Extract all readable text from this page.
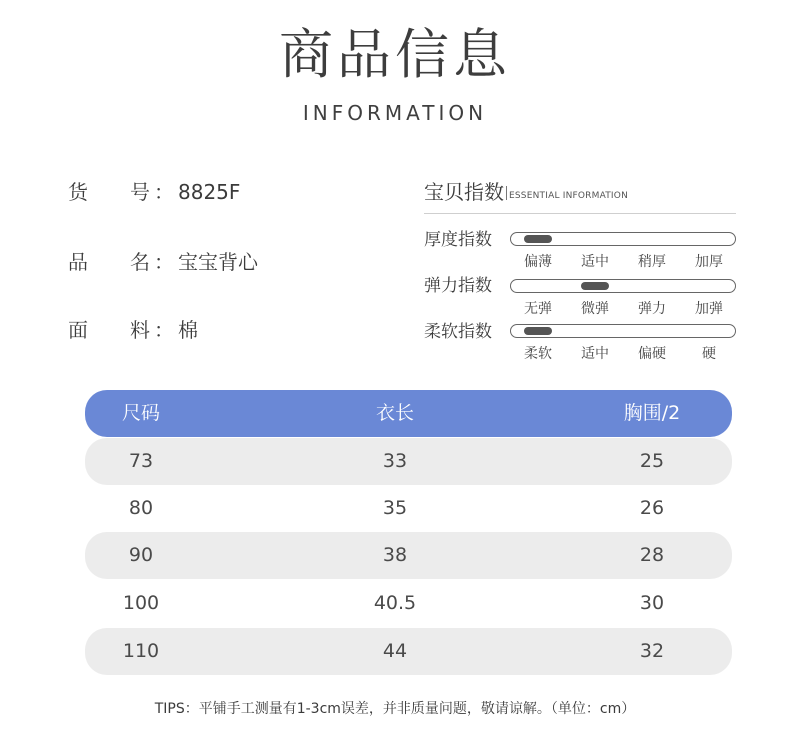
商品信息
INFORMATION
货 号 ： 8825F
品 名 ： 宝宝背心
面 料 ： 棉
宝贝指数 ESSENTIAL INFORMATION
厚度指数
偏薄	适中	稍厚	加厚
弹力指数
无弹	微弹	弹力	加弹
柔软指数
柔软	适中	偏硬	硬
尺码	衣长	胸围/2
73	33	25
80	35	26
90	38	28
100	40.5	30
110	44	32
TIPS：平铺手工测量有1-3cm误差，并非质量问题，敬请谅解。（单位：cm）
